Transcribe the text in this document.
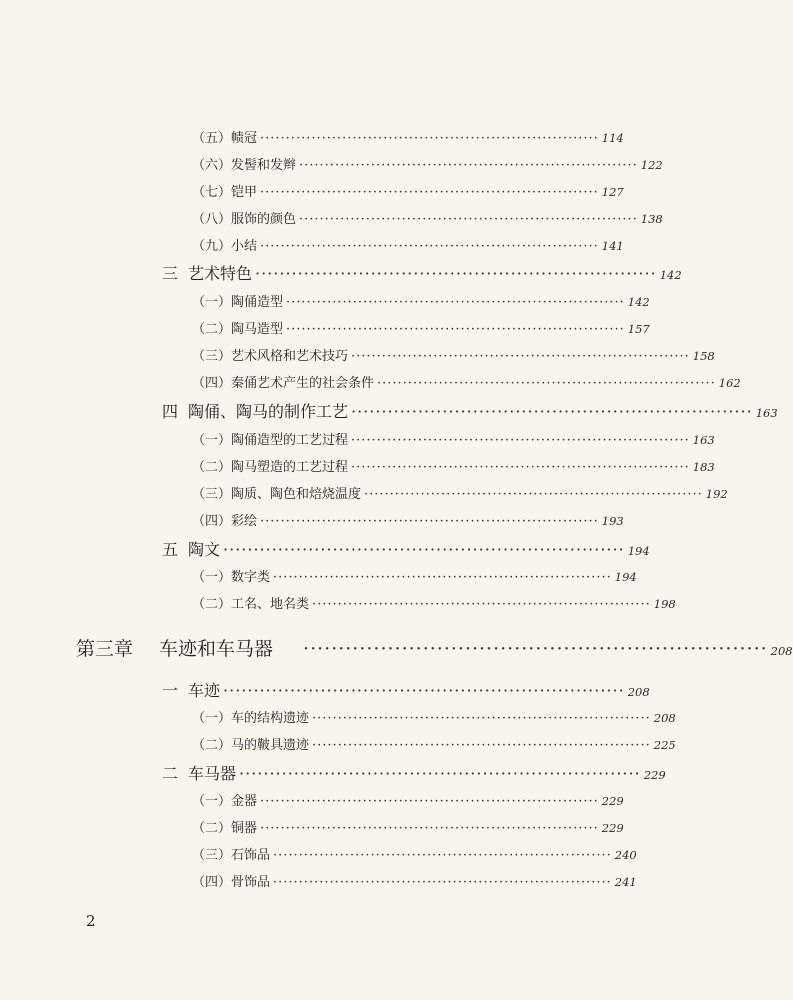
（五）帻冠 ·································································· 114
（六）发髻和发辫 ·································································· 122
（七）铠甲 ·································································· 127
（八）服饰的颜色 ·································································· 138
（九）小结 ·································································· 141
三 艺术特色 ·································································· 142
（一）陶俑造型 ·································································· 142
（二）陶马造型 ·································································· 157
（三）艺术风格和艺术技巧 ·································································· 158
（四）秦俑艺术产生的社会条件 ·································································· 162
四 陶俑、陶马的制作工艺 ·································································· 163
（一）陶俑造型的工艺过程 ·································································· 163
（二）陶马塑造的工艺过程 ·································································· 183
（三）陶质、陶色和焙烧温度 ·································································· 192
（四）彩绘 ·································································· 193
五 陶文 ·································································· 194
（一）数字类 ·································································· 194
（二）工名、地名类 ·································································· 198
第三章 车迹和车马器 ·································································· 208
一 车迹 ·································································· 208
（一）车的结构遗迹 ·································································· 208
（二）马的鞁具遗迹 ·································································· 225
二 车马器 ·································································· 229
（一）金器 ·································································· 229
（二）铜器 ·································································· 229
（三）石饰品 ·································································· 240
（四）骨饰品 ·································································· 241
2
